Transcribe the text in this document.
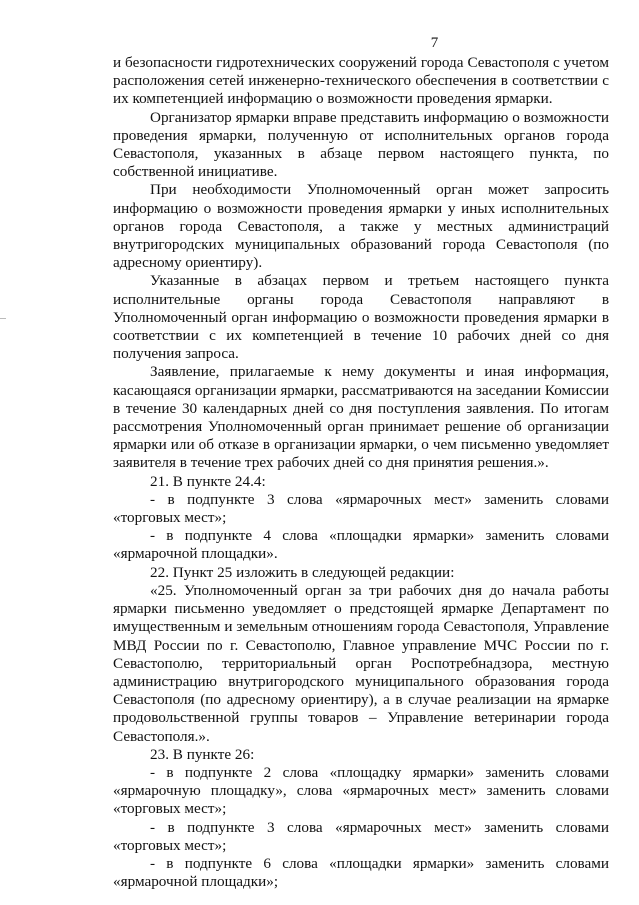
7

и безопасности гидротехнических сооружений города Севастополя с учетом расположения сетей инженерно-технического обеспечения в соответствии с их компетенцией информацию о возможности проведения ярмарки.

Организатор ярмарки вправе представить информацию о возможности проведения ярмарки, полученную от исполнительных органов города Севастополя, указанных в абзаце первом настоящего пункта, по собственной инициативе.

При необходимости Уполномоченный орган может запросить информацию о возможности проведения ярмарки у иных исполнительных органов города Севастополя, а также у местных администраций внутригородских муниципальных образований города Севастополя (по адресному ориентиру).

Указанные в абзацах первом и третьем настоящего пункта исполнительные органы города Севастополя направляют в Уполномоченный орган информацию о возможности проведения ярмарки в соответствии с их компетенцией в течение 10 рабочих дней со дня получения запроса.

Заявление, прилагаемые к нему документы и иная информация, касающаяся организации ярмарки, рассматриваются на заседании Комиссии в течение 30 календарных дней со дня поступления заявления. По итогам рассмотрения Уполномоченный орган принимает решение об организации ярмарки или об отказе в организации ярмарки, о чем письменно уведомляет заявителя в течение трех рабочих дней со дня принятия решения.».

21. В пункте 24.4:

- в подпункте 3 слова «ярмарочных мест» заменить словами «торговых мест»;

- в подпункте 4 слова «площадки ярмарки» заменить словами «ярмарочной площадки».

22. Пункт 25 изложить в следующей редакции:

«25. Уполномоченный орган за три рабочих дня до начала работы ярмарки письменно уведомляет о предстоящей ярмарке Департамент по имущественным и земельным отношениям города Севастополя, Управление МВД России по г. Севастополю, Главное управление МЧС России по г. Севастополю, территориальный орган Роспотребнадзора, местную администрацию внутригородского муниципального образования города Севастополя (по адресному ориентиру), а в случае реализации на ярмарке продовольственной группы товаров – Управление ветеринарии города Севастополя.».

23. В пункте 26:

- в подпункте 2 слова «площадку ярмарки» заменить словами «ярмарочную площадку», слова «ярмарочных мест» заменить словами «торговых мест»;

- в подпункте 3 слова «ярмарочных мест» заменить словами «торговых мест»;

- в подпункте 6 слова «площадки ярмарки» заменить словами «ярмарочной площадки»;
